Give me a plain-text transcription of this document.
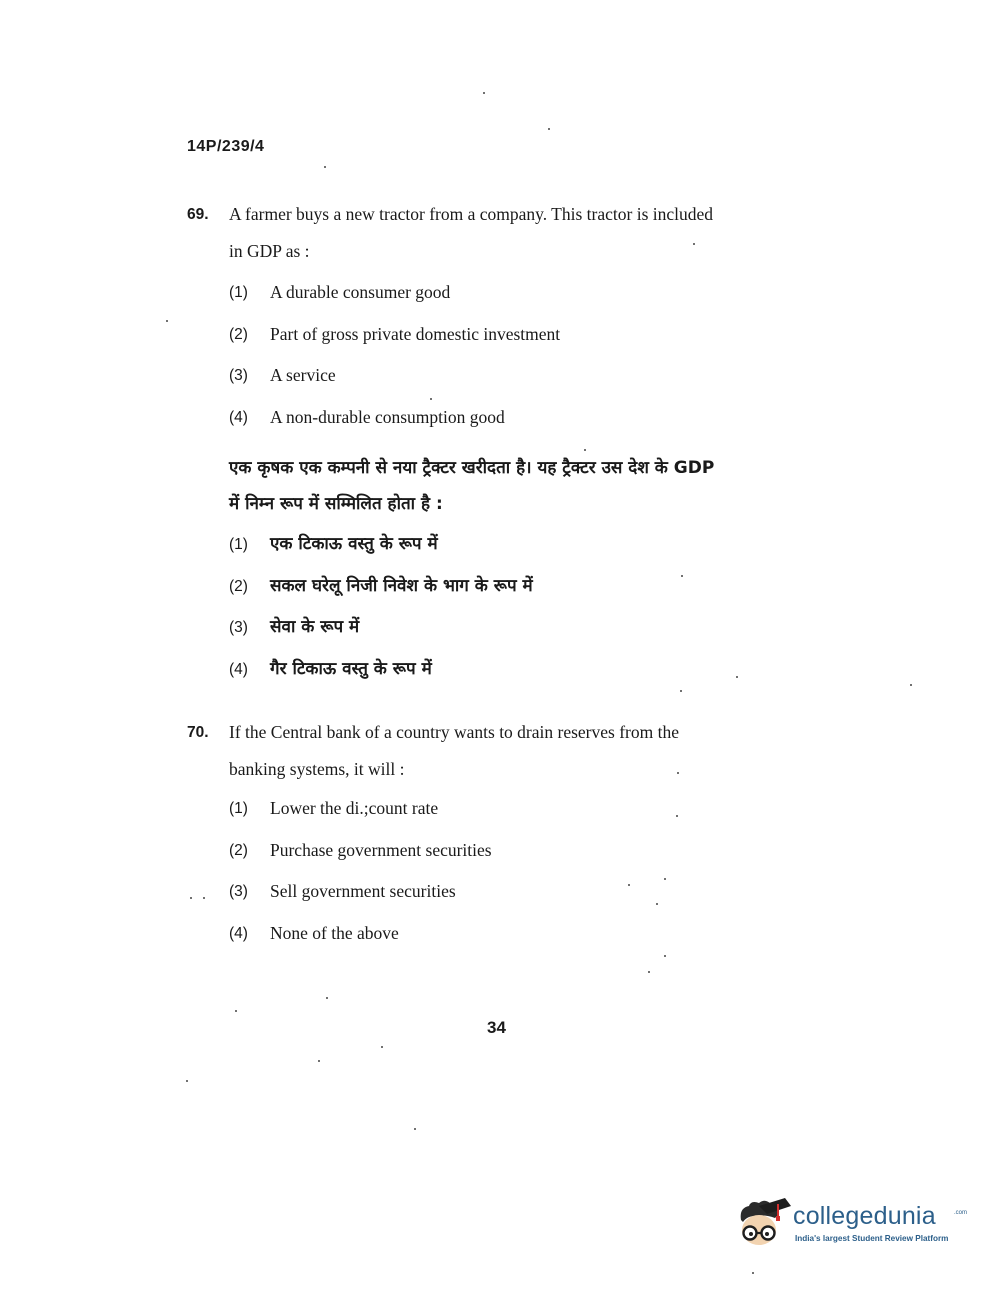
14P/239/4
69. A farmer buys a new tractor from a company. This tractor is included
in GDP as :
(1) A durable consumer good
(2) Part of gross private domestic investment
(3) A service
(4) A non-durable consumption good
एक कृषक एक कम्पनी से नया ट्रैक्टर खरीदता है। यह ट्रैक्टर उस देश के GDP
में निम्न रूप में सम्मिलित होता है :
(1) एक टिकाऊ वस्तु के रूप में
(2) सकल घरेलू निजी निवेश के भाग के रूप में
(3) सेवा के रूप में
(4) गैर टिकाऊ वस्तु के रूप में
70. If the Central bank of a country wants to drain reserves from the
banking systems, it will :
(1) Lower the di.;count rate
(2) Purchase government securities
(3) Sell government securities
(4) None of the above
34
collegedunia	.com
India's largest Student Review Platform
